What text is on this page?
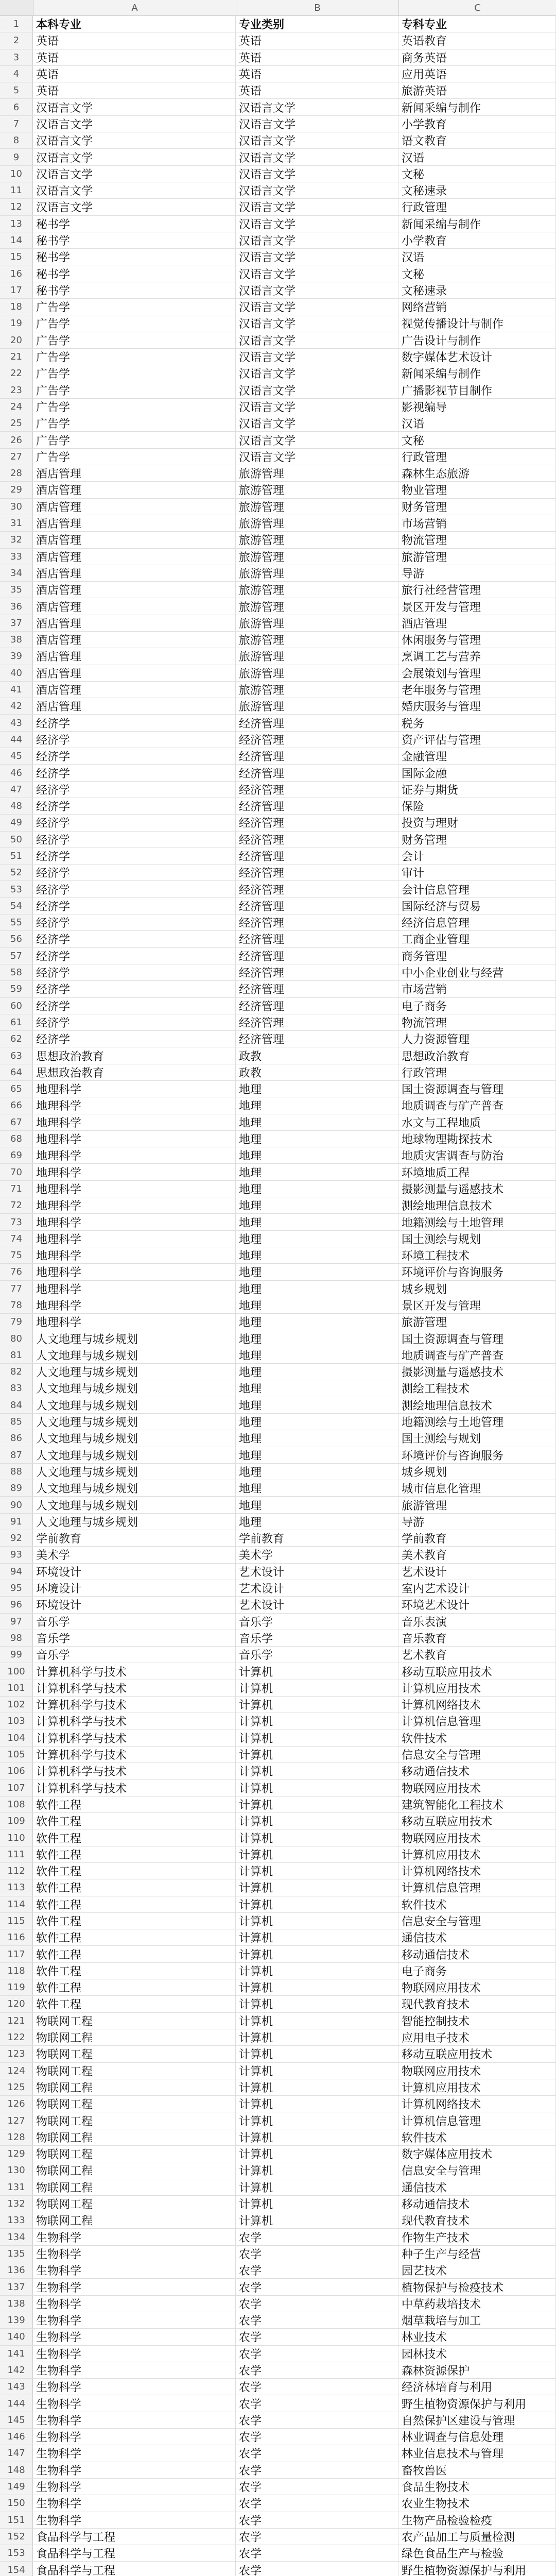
A	B	C
1	本科专业	专业类别	专科专业
2	英语	英语	英语教育
3	英语	英语	商务英语
4	英语	英语	应用英语
5	英语	英语	旅游英语
6	汉语言文学	汉语言文学	新闻采编与制作
7	汉语言文学	汉语言文学	小学教育
8	汉语言文学	汉语言文学	语文教育
9	汉语言文学	汉语言文学	汉语
10	汉语言文学	汉语言文学	文秘
11	汉语言文学	汉语言文学	文秘速录
12	汉语言文学	汉语言文学	行政管理
13	秘书学	汉语言文学	新闻采编与制作
14	秘书学	汉语言文学	小学教育
15	秘书学	汉语言文学	汉语
16	秘书学	汉语言文学	文秘
17	秘书学	汉语言文学	文秘速录
18	广告学	汉语言文学	网络营销
19	广告学	汉语言文学	视觉传播设计与制作
20	广告学	汉语言文学	广告设计与制作
21	广告学	汉语言文学	数字媒体艺术设计
22	广告学	汉语言文学	新闻采编与制作
23	广告学	汉语言文学	广播影视节目制作
24	广告学	汉语言文学	影视编导
25	广告学	汉语言文学	汉语
26	广告学	汉语言文学	文秘
27	广告学	汉语言文学	行政管理
28	酒店管理	旅游管理	森林生态旅游
29	酒店管理	旅游管理	物业管理
30	酒店管理	旅游管理	财务管理
31	酒店管理	旅游管理	市场营销
32	酒店管理	旅游管理	物流管理
33	酒店管理	旅游管理	旅游管理
34	酒店管理	旅游管理	导游
35	酒店管理	旅游管理	旅行社经营管理
36	酒店管理	旅游管理	景区开发与管理
37	酒店管理	旅游管理	酒店管理
38	酒店管理	旅游管理	休闲服务与管理
39	酒店管理	旅游管理	烹调工艺与营养
40	酒店管理	旅游管理	会展策划与管理
41	酒店管理	旅游管理	老年服务与管理
42	酒店管理	旅游管理	婚庆服务与管理
43	经济学	经济管理	税务
44	经济学	经济管理	资产评估与管理
45	经济学	经济管理	金融管理
46	经济学	经济管理	国际金融
47	经济学	经济管理	证券与期货
48	经济学	经济管理	保险
49	经济学	经济管理	投资与理财
50	经济学	经济管理	财务管理
51	经济学	经济管理	会计
52	经济学	经济管理	审计
53	经济学	经济管理	会计信息管理
54	经济学	经济管理	国际经济与贸易
55	经济学	经济管理	经济信息管理
56	经济学	经济管理	工商企业管理
57	经济学	经济管理	商务管理
58	经济学	经济管理	中小企业创业与经营
59	经济学	经济管理	市场营销
60	经济学	经济管理	电子商务
61	经济学	经济管理	物流管理
62	经济学	经济管理	人力资源管理
63	思想政治教育	政教	思想政治教育
64	思想政治教育	政教	行政管理
65	地理科学	地理	国土资源调查与管理
66	地理科学	地理	地质调查与矿产普查
67	地理科学	地理	水文与工程地质
68	地理科学	地理	地球物理勘探技术
69	地理科学	地理	地质灾害调查与防治
70	地理科学	地理	环境地质工程
71	地理科学	地理	摄影测量与遥感技术
72	地理科学	地理	测绘地理信息技术
73	地理科学	地理	地籍测绘与土地管理
74	地理科学	地理	国土测绘与规划
75	地理科学	地理	环境工程技术
76	地理科学	地理	环境评价与咨询服务
77	地理科学	地理	城乡规划
78	地理科学	地理	景区开发与管理
79	地理科学	地理	旅游管理
80	人文地理与城乡规划	地理	国土资源调查与管理
81	人文地理与城乡规划	地理	地质调查与矿产普查
82	人文地理与城乡规划	地理	摄影测量与遥感技术
83	人文地理与城乡规划	地理	测绘工程技术
84	人文地理与城乡规划	地理	测绘地理信息技术
85	人文地理与城乡规划	地理	地籍测绘与土地管理
86	人文地理与城乡规划	地理	国土测绘与规划
87	人文地理与城乡规划	地理	环境评价与咨询服务
88	人文地理与城乡规划	地理	城乡规划
89	人文地理与城乡规划	地理	城市信息化管理
90	人文地理与城乡规划	地理	旅游管理
91	人文地理与城乡规划	地理	导游
92	学前教育	学前教育	学前教育
93	美术学	美术学	美术教育
94	环境设计	艺术设计	艺术设计
95	环境设计	艺术设计	室内艺术设计
96	环境设计	艺术设计	环境艺术设计
97	音乐学	音乐学	音乐表演
98	音乐学	音乐学	音乐教育
99	音乐学	音乐学	艺术教育
100 计算机科学与技术	计算机	移动互联应用技术
101 计算机科学与技术	计算机	计算机应用技术
102 计算机科学与技术	计算机	计算机网络技术
103 计算机科学与技术	计算机	计算机信息管理
104 计算机科学与技术	计算机	软件技术
105 计算机科学与技术	计算机	信息安全与管理
106 计算机科学与技术	计算机	移动通信技术
107 计算机科学与技术	计算机	物联网应用技术
108 软件工程	计算机	建筑智能化工程技术
109 软件工程	计算机	移动互联应用技术
110 软件工程	计算机	物联网应用技术
111 软件工程	计算机	计算机应用技术
112 软件工程	计算机	计算机网络技术
113 软件工程	计算机	计算机信息管理
114 软件工程	计算机	软件技术
115 软件工程	计算机	信息安全与管理
116 软件工程	计算机	通信技术
117 软件工程	计算机	移动通信技术
118 软件工程	计算机	电子商务
119 软件工程	计算机	物联网应用技术
120 软件工程	计算机	现代教育技术
121 物联网工程	计算机	智能控制技术
122 物联网工程	计算机	应用电子技术
123 物联网工程	计算机	移动互联应用技术
124 物联网工程	计算机	物联网应用技术
125 物联网工程	计算机	计算机应用技术
126 物联网工程	计算机	计算机网络技术
127 物联网工程	计算机	计算机信息管理
128 物联网工程	计算机	软件技术
129 物联网工程	计算机	数字媒体应用技术
130 物联网工程	计算机	信息安全与管理
131 物联网工程	计算机	通信技术
132 物联网工程	计算机	移动通信技术
133 物联网工程	计算机	现代教育技术
134 生物科学	农学	作物生产技术
135 生物科学	农学	种子生产与经营
136 生物科学	农学	园艺技术
137 生物科学	农学	植物保护与检疫技术
138 生物科学	农学	中草药栽培技术
139 生物科学	农学	烟草栽培与加工
140 生物科学	农学	林业技术
141 生物科学	农学	园林技术
142 生物科学	农学	森林资源保护
143 生物科学	农学	经济林培育与利用
144 生物科学	农学	野生植物资源保护与利用
145 生物科学	农学	自然保护区建设与管理
146 生物科学	农学	林业调查与信息处理
147 生物科学	农学	林业信息技术与管理
148 生物科学	农学	畜牧兽医
149 生物科学	农学	食品生物技术
150 生物科学	农学	农业生物技术
151 生物科学	农学	生物产品检验检疫
152 食品科学与工程	农学	农产品加工与质量检测
153 食品科学与工程	农学	绿色食品生产与检验
154 食品科学与工程	农学	野生植物资源保护与利用
